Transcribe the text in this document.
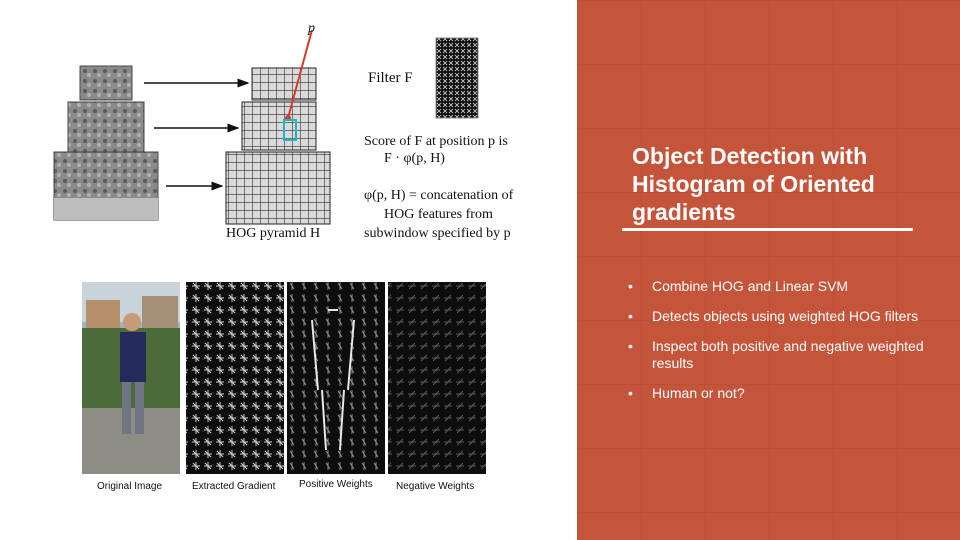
Object Detection with Histogram of Oriented gradients
• Combine HOG and Linear SVM
• Detects objects using weighted HOG filters
• Inspect both positive and negative weighted results
• Human or not?
p
Filter F
Score of F at position p is
F · φ(p, H)
φ(p, H) = concatenation of
HOG features from
subwindow specified by p
HOG pyramid H
Original Image	Extracted Gradient Positive Weights Negative Weights
